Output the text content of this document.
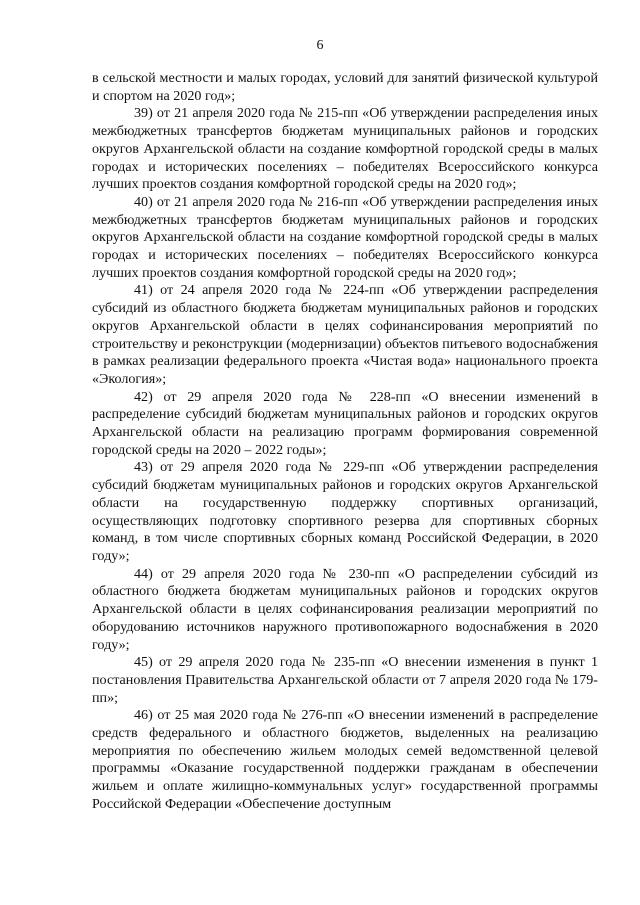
6

в сельской местности и малых городах, условий для занятий физической культурой и спортом на 2020 год»;

39) от 21 апреля 2020 года № 215-пп «Об утверждении распределения иных межбюджетных трансфертов бюджетам муниципальных районов и городских округов Архангельской области на создание комфортной городской среды в малых городах и исторических поселениях – победителях Всероссийского конкурса лучших проектов создания комфортной городской среды на 2020 год»;

40) от 21 апреля 2020 года № 216-пп «Об утверждении распределения иных межбюджетных трансфертов бюджетам муниципальных районов и городских округов Архангельской области на создание комфортной городской среды в малых городах и исторических поселениях – победителях Всероссийского конкурса лучших проектов создания комфортной городской среды на 2020 год»;

41) от 24 апреля 2020 года № 224-пп «Об утверждении распределения субсидий из областного бюджета бюджетам муниципальных районов и городских округов Архангельской области в целях софинансирования мероприятий по строительству и реконструкции (модернизации) объектов питьевого водоснабжения в рамках реализации федерального проекта «Чистая вода» национального проекта «Экология»;

42) от 29 апреля 2020 года № 228-пп «О внесении изменений в распределение субсидий бюджетам муниципальных районов и городских округов Архангельской области на реализацию программ формирования современной городской среды на 2020 – 2022 годы»;

43) от 29 апреля 2020 года № 229-пп «Об утверждении распределения субсидий бюджетам муниципальных районов и городских округов Архангельской области на государственную поддержку спортивных организаций, осуществляющих подготовку спортивного резерва для спортивных сборных команд, в том числе спортивных сборных команд Российской Федерации, в 2020 году»;

44) от 29 апреля 2020 года № 230-пп «О распределении субсидий из областного бюджета бюджетам муниципальных районов и городских округов Архангельской области в целях софинансирования реализации мероприятий по оборудованию источников наружного противопожарного водоснабжения в 2020 году»;

45) от 29 апреля 2020 года № 235-пп «О внесении изменения в пункт 1 постановления Правительства Архангельской области от 7 апреля 2020 года № 179-пп»;

46) от 25 мая 2020 года № 276-пп «О внесении изменений в распределение средств федерального и областного бюджетов, выделенных на реализацию мероприятия по обеспечению жильем молодых семей ведомственной целевой программы «Оказание государственной поддержки гражданам в обеспечении жильем и оплате жилищно-коммунальных услуг» государственной программы Российской Федерации «Обеспечение доступным
